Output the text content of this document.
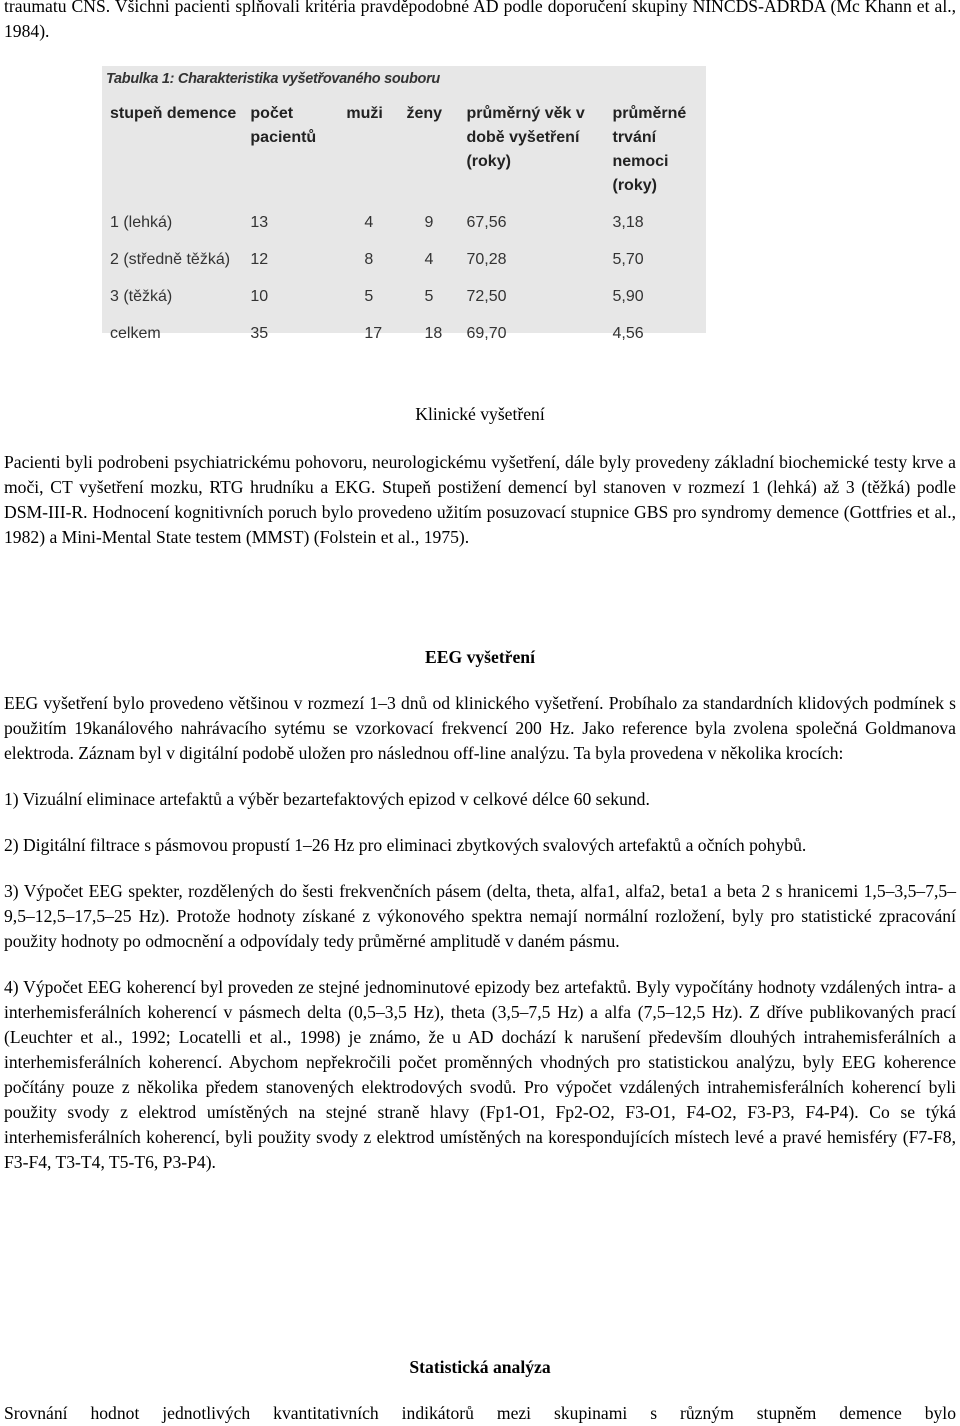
traumatu CNS. Všichni pacienti splňovali kritéria pravděpodobné AD podle doporučení skupiny NINCDS-ADRDA (Mc Khann et al., 1984).

Tabulka 1: Charakteristika vyšetřovaného souboru
stupeň demence	počet pacientů	muži	ženy	průměrný věk v době vyšetření (roky)	průměrné trvání nemoci (roky)
1 (lehká)	13	4	9	67,56	3,18
2 (středně těžká)	12	8	4	70,28	5,70
3 (těžká)	10	5	5	72,50	5,90
celkem	35	17	18	69,70	4,56
Klinické vyšetření

Pacienti byli podrobeni psychiatrickému pohovoru, neurologickému vyšetření, dále byly provedeny základní biochemické testy krve a moči, CT vyšetření mozku, RTG hrudníku a EKG. Stupeň postižení demencí byl stanoven v rozmezí 1 (lehká) až 3 (těžká) podle DSM-III-R. Hodnocení kognitivních poruch bylo provedeno užitím posuzovací stupnice GBS pro syndromy demence (Gottfries et al., 1982) a Mini-Mental State testem (MMST) (Folstein et al., 1975).

EEG vyšetření

EEG vyšetření bylo provedeno většinou v rozmezí 1–3 dnů od klinického vyšetření. Probíhalo za standardních klidových podmínek s použitím 19kanálového nahrávacího sytému se vzorkovací frekvencí 200 Hz. Jako reference byla zvolena společná Goldmanova elektroda. Záznam byl v digitální podobě uložen pro následnou off-line analýzu. Ta byla provedena v několika krocích:

1) Vizuální eliminace artefaktů a výběr bezartefaktových epizod v celkové délce 60 sekund.

2) Digitální filtrace s pásmovou propustí 1–26 Hz pro eliminaci zbytkových svalových artefaktů a očních pohybů.

3) Výpočet EEG spekter, rozdělených do šesti frekvenčních pásem (delta, theta, alfa1, alfa2, beta1 a beta 2 s hranicemi 1,5–3,5–7,5–9,5–12,5–17,5–25 Hz). Protože hodnoty získané z výkonového spektra nemají normální rozložení, byly pro statistické zpracování použity hodnoty po odmocnění a odpovídaly tedy průměrné amplitudě v daném pásmu.

4) Výpočet EEG koherencí byl proveden ze stejné jednominutové epizody bez artefaktů. Byly vypočítány hodnoty vzdálených intra- a interhemisferálních koherencí v pásmech delta (0,5–3,5 Hz), theta (3,5–7,5 Hz) a alfa (7,5–12,5 Hz). Z dříve publikovaných prací (Leuchter et al., 1992; Locatelli et al., 1998) je známo, že u AD dochází k narušení především dlouhých intrahemisferálních a interhemisferálních koherencí. Abychom nepřekročili počet proměnných vhodných pro statistickou analýzu, byly EEG koherence počítány pouze z několika předem stanovených elektrodových svodů. Pro výpočet vzdálených intrahemisferálních koherencí byli použity svody z elektrod umístěných na stejné straně hlavy (Fp1-O1, Fp2-O2, F3-O1, F4-O2, F3-P3, F4-P4). Co se týká interhemisferálních koherencí, byli použity svody z elektrod umístěných na korespondujících místech levé a pravé hemisféry (F7-F8, F3-F4, T3-T4, T5-T6, P3-P4).

Statistická analýza

Srovnání hodnot jednotlivých kvantitativních indikátorů mezi skupinami s různým stupněm demence bylo
